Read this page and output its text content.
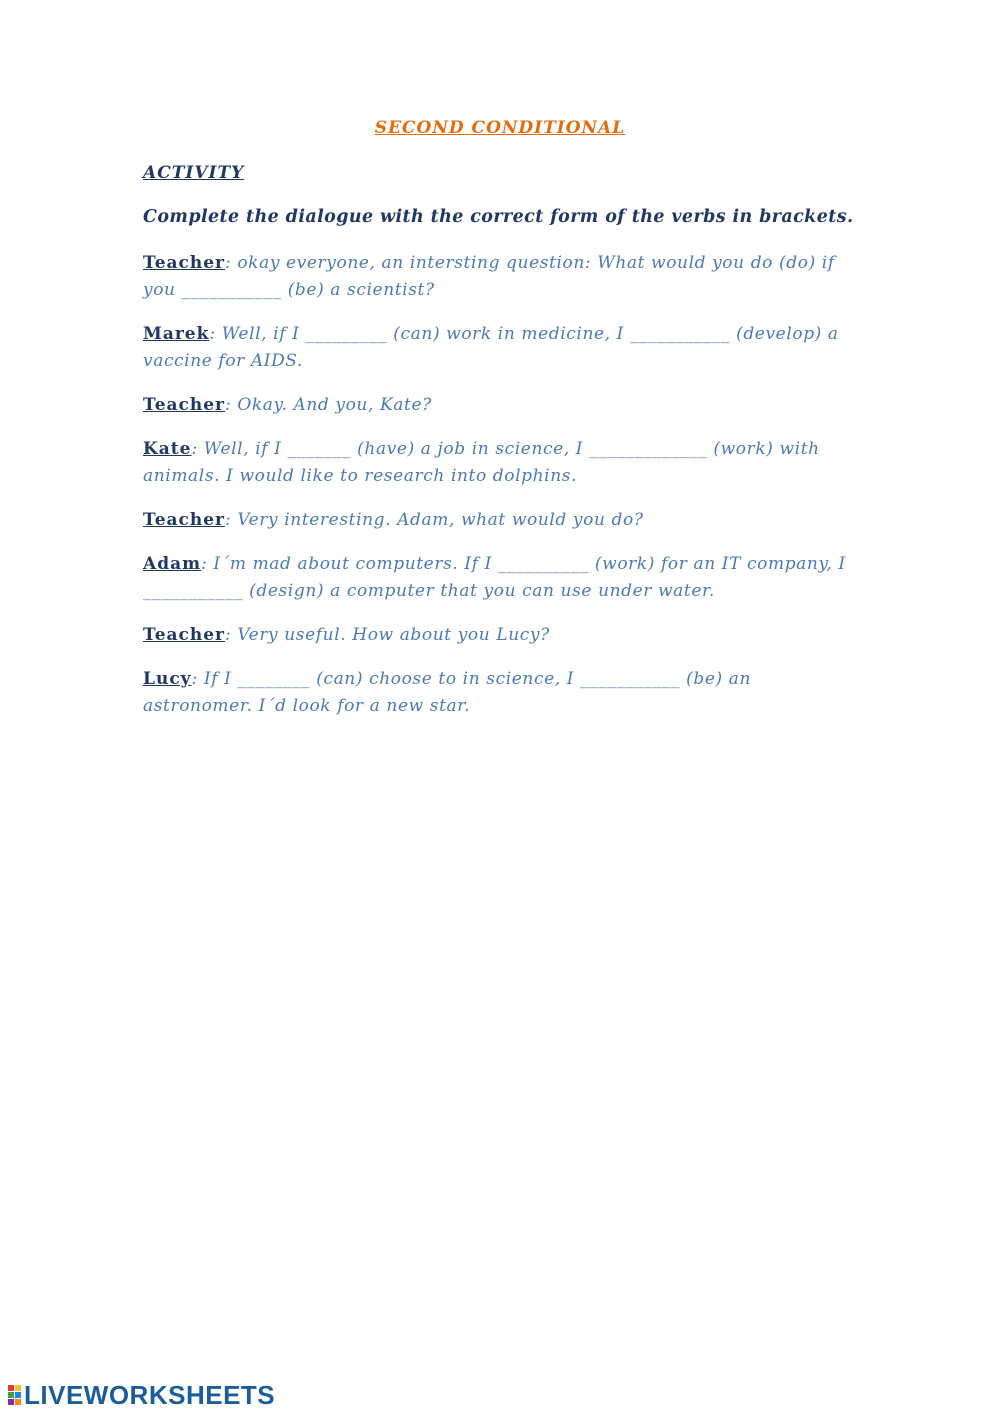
SECOND CONDITIONAL
ACTIVITY
Complete the dialogue with the correct form of the verbs in brackets.

Teacher: okay everyone, an intersting question: What would you do (do) if you ___________ (be) a scientist?

Marek: Well, if I _________ (can) work in medicine, I ___________ (develop) a vaccine for AIDS.

Teacher: Okay. And you, Kate?

Kate: Well, if I _______ (have) a job in science, I _____________ (work) with animals. I would like to research into dolphins.

Teacher: Very interesting. Adam, what would you do?

Adam: I´m mad about computers. If I __________ (work) for an IT company, I ___________ (design) a computer that you can use under water.

Teacher: Very useful. How about you Lucy?

Lucy: If I ________ (can) choose to in science, I ___________ (be) an astronomer. I´d look for a new star.

LIVEWORKSHEETS
